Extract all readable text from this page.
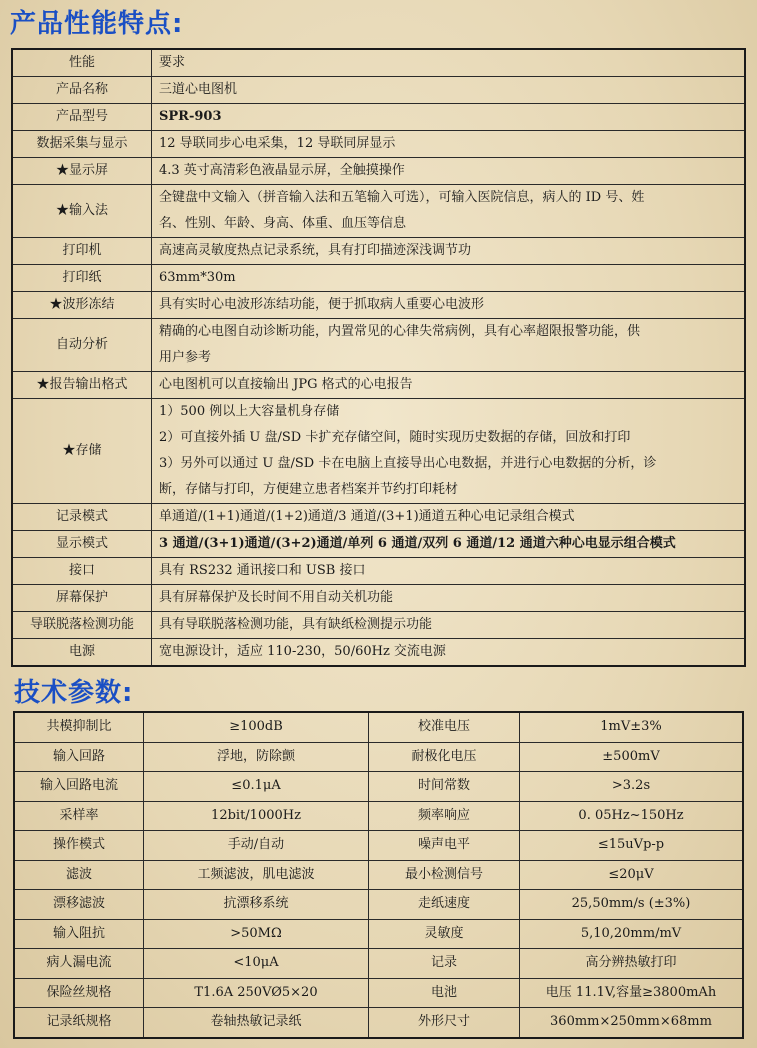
产品性能特点:
性能	要求

产品名称	三道心电图机

产品型号	SPR-903

数据采集与显示	12 导联同步心电采集，12 导联同屏显示

★显示屏	4.3 英寸高清彩色液晶显示屏，全触摸操作

★输入法	全键盘中文输入（拼音输入法和五笔输入可选），可输入医院信息，病人的 ID 号、姓
名、性别、年龄、身高、体重、血压等信息

打印机	高速高灵敏度热点记录系统，具有打印描迹深浅调节功

打印纸	63mm*30m

★波形冻结	具有实时心电波形冻结功能，便于抓取病人重要心电波形

自动分析	精确的心电图自动诊断功能，内置常见的心律失常病例，具有心率超限报警功能，供
用户参考

★报告输出格式	心电图机可以直接输出 JPG 格式的心电报告

★存储	1）500 例以上大容量机身存储
2）可直接外插 U 盘/SD 卡扩充存储空间，随时实现历史数据的存储，回放和打印
3）另外可以通过 U 盘/SD 卡在电脑上直接导出心电数据，并进行心电数据的分析，诊
断，存储与打印，方便建立患者档案并节约打印耗材

记录模式	单通道/(1+1)通道/(1+2)通道/3 通道/(3+1)通道五种心电记录组合模式

显示模式	3 通道/(3+1)通道/(3+2)通道/单列 6 通道/双列 6 通道/12 通道六种心电显示组合模式

接口	具有 RS232 通讯接口和 USB 接口

屏幕保护	具有屏幕保护及长时间不用自动关机功能

导联脱落检测功能	具有导联脱落检测功能，具有缺纸检测提示功能

电源	宽电源设计，适应 110-230，50/60Hz 交流电源
技术参数:
共模抑制比	≥100dB	校准电压	1mV±3%
输入回路	浮地，防除颤	耐极化电压	±500mV
输入回路电流	≤0.1μA	时间常数	>3.2s
采样率	12bit/1000Hz	频率响应	0. 05Hz~150Hz
操作模式	手动/自动	噪声电平	≤15uVp-p
滤波	工频滤波，肌电滤波	最小检测信号	≤20μV
漂移滤波	抗漂移系统	走纸速度	25,50mm/s (±3%)
输入阻抗	>50MΩ	灵敏度	5,10,20mm/mV
病人漏电流	<10μA	记录	高分辨热敏打印
保险丝规格	T1.6A 250VØ5×20	电池	电压 11.1V,容量≥3800mAh
记录纸规格	卷轴热敏记录纸	外形尺寸	360mm×250mm×68mm
